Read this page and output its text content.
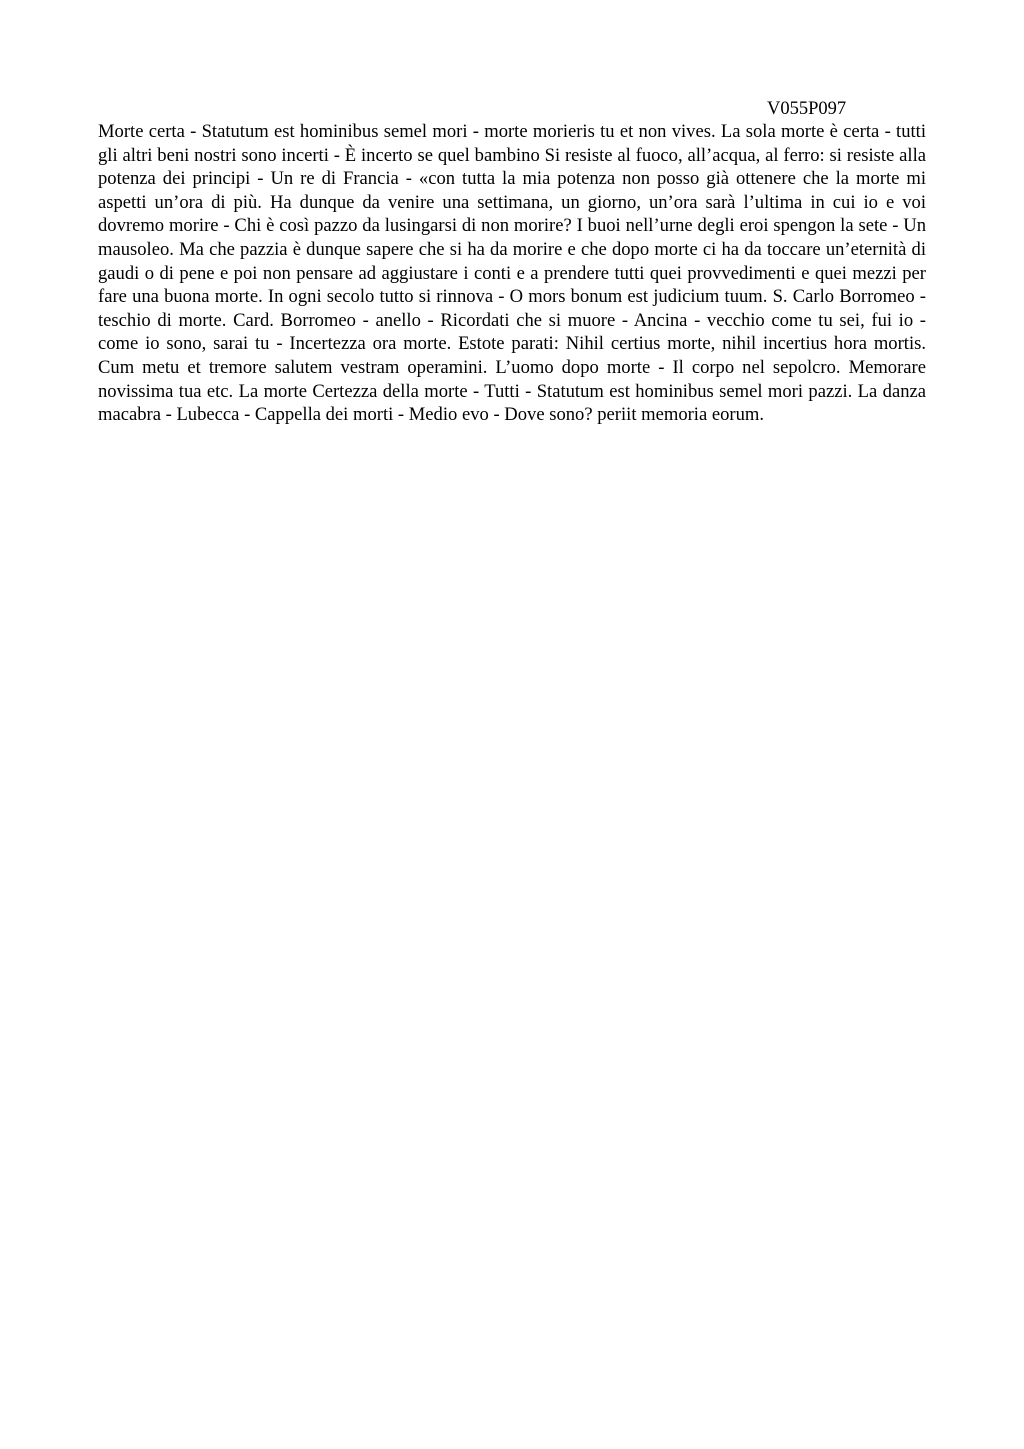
V055P097

Morte certa - Statutum est hominibus semel mori - morte morieris tu et non vives. La sola morte è certa - tutti gli altri beni nostri sono incerti - È incerto se quel bambino Si resiste al fuoco, all’acqua, al ferro: si resiste alla potenza dei principi - Un re di Francia - «con tutta la mia potenza non posso già ottenere che la morte mi aspetti un’ora di più. Ha dunque da venire una settimana, un giorno, un’ora sarà l’ultima in cui io e voi dovremo morire - Chi è così pazzo da lusingarsi di non morire? I buoi nell’urne degli eroi spengon la sete - Un mausoleo. Ma che pazzia è dunque sapere che si ha da morire e che dopo morte ci ha da toccare un’eternità di gaudi o di pene e poi non pensare ad aggiustare i conti e a prendere tutti quei provvedimenti e quei mezzi per fare una buona morte. In ogni secolo tutto si rinnova - O mors bonum est judicium tuum. S. Carlo Borromeo - teschio di morte. Card. Borromeo - anello - Ricordati che si muore - Ancina - vecchio come tu sei, fui io - come io sono, sarai tu - Incertezza ora morte. Estote parati: Nihil certius morte, nihil incertius hora mortis. Cum metu et tremore salutem vestram operamini. L’uomo dopo morte - Il corpo nel sepolcro. Memorare novissima tua etc. La morte Certezza della morte - Tutti - Statutum est hominibus semel mori pazzi. La danza macabra - Lubecca - Cappella dei morti - Medio evo - Dove sono? periit memoria eorum.
